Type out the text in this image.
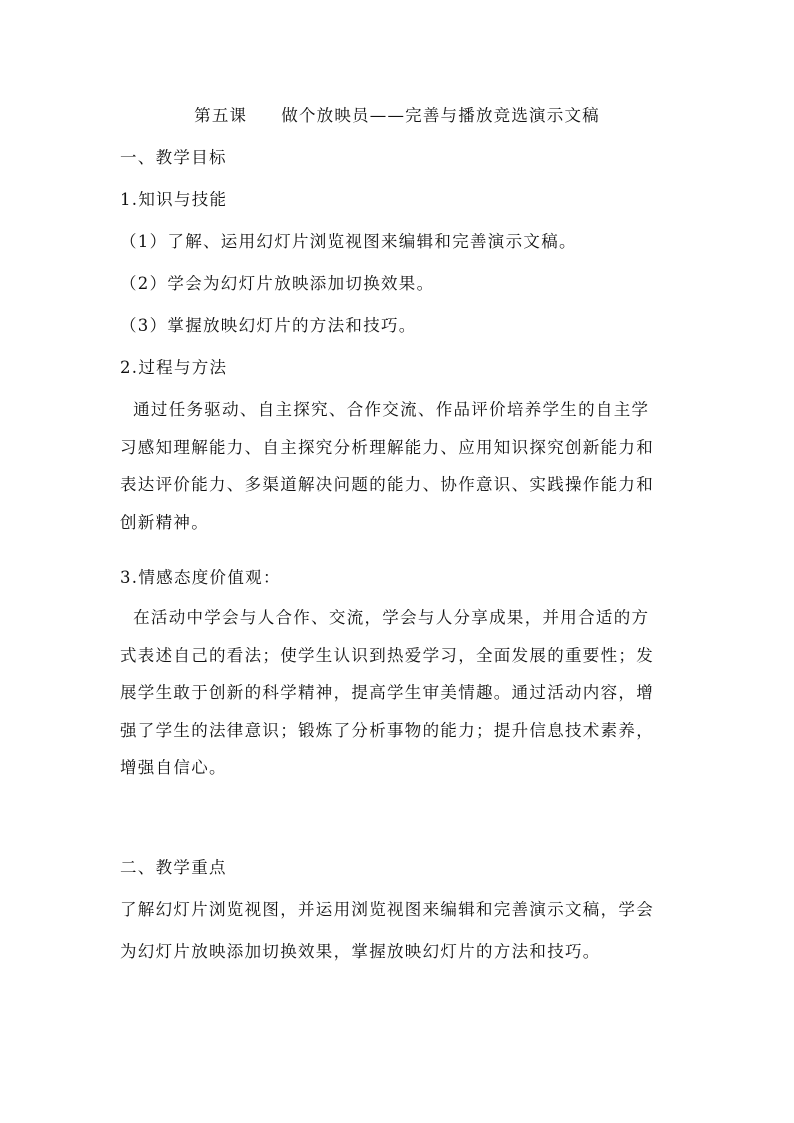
第五课 做个放映员——完善与播放竞选演示文稿
一、教学目标
1.知识与技能
（1）了解、运用幻灯片浏览视图来编辑和完善演示文稿。
（2）学会为幻灯片放映添加切换效果。
（3）掌握放映幻灯片的方法和技巧。
2.过程与方法
通过任务驱动、自主探究、合作交流、作品评价培养学生的自主学
习感知理解能力、自主探究分析理解能力、应用知识探究创新能力和
表达评价能力、多渠道解决问题的能力、协作意识、实践操作能力和
创新精神。
3.情感态度价值观：
在活动中学会与人合作、交流，学会与人分享成果，并用合适的方
式表述自己的看法；使学生认识到热爱学习，全面发展的重要性；发
展学生敢于创新的科学精神，提高学生审美情趣。通过活动内容，增
强了学生的法律意识；锻炼了分析事物的能力；提升信息技术素养，
增强自信心。
二、教学重点
了解幻灯片浏览视图，并运用浏览视图来编辑和完善演示文稿，学会
为幻灯片放映添加切换效果，掌握放映幻灯片的方法和技巧。
